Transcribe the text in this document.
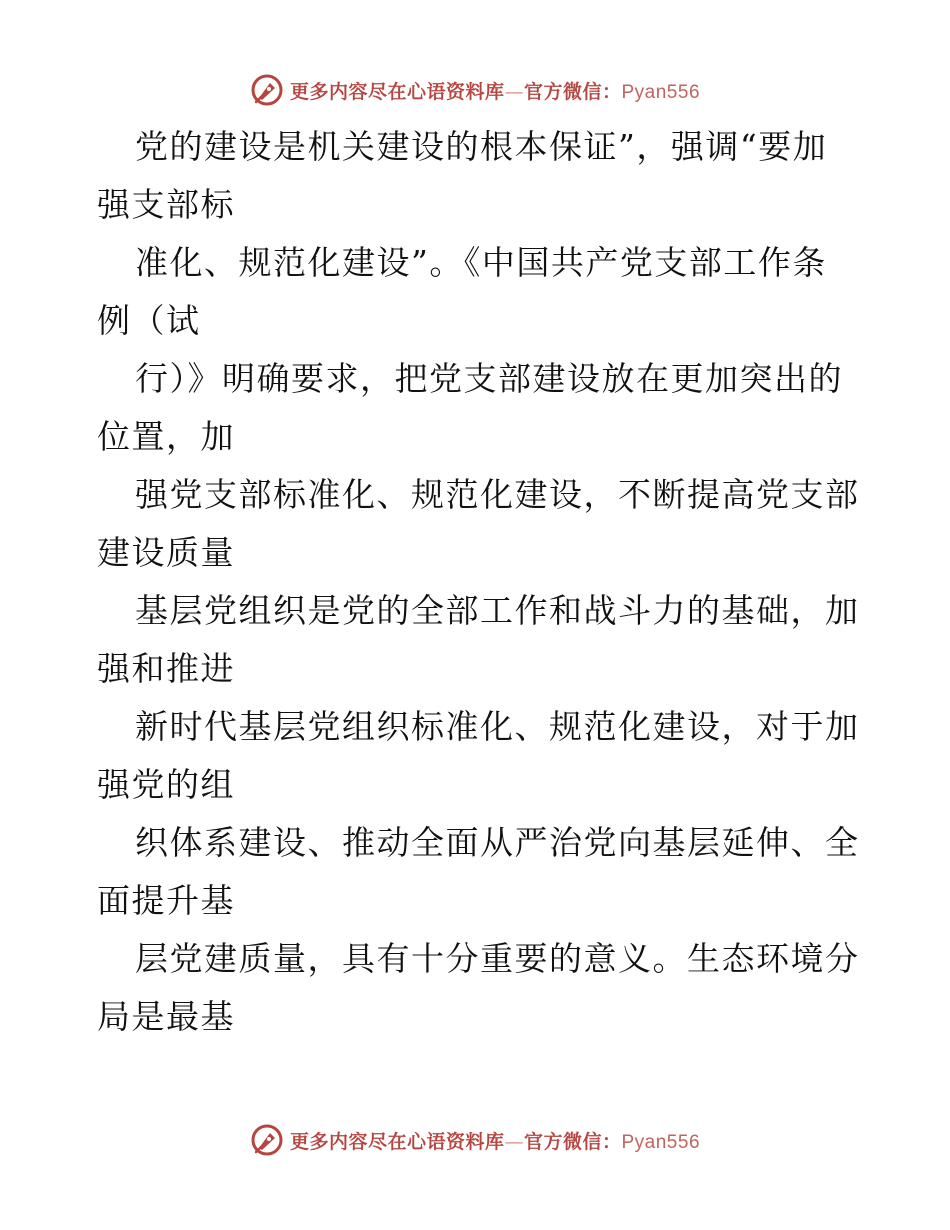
更多内容尽在心语资料库—官方微信：Pyan556
党的建设是机关建设的根本保证”，强调“要加
强支部标
准化、规范化建设”。《中国共产党支部工作条
例（试
行）》明确要求，把党支部建设放在更加突出的
位置，加
强党支部标准化、规范化建设，不断提高党支部
建设质量
基层党组织是党的全部工作和战斗力的基础，加
强和推进
新时代基层党组织标准化、规范化建设，对于加
强党的组
织体系建设、推动全面从严治党向基层延伸、全
面提升基
层党建质量，具有十分重要的意义。生态环境分
局是最基
更多内容尽在心语资料库—官方微信：Pyan556
